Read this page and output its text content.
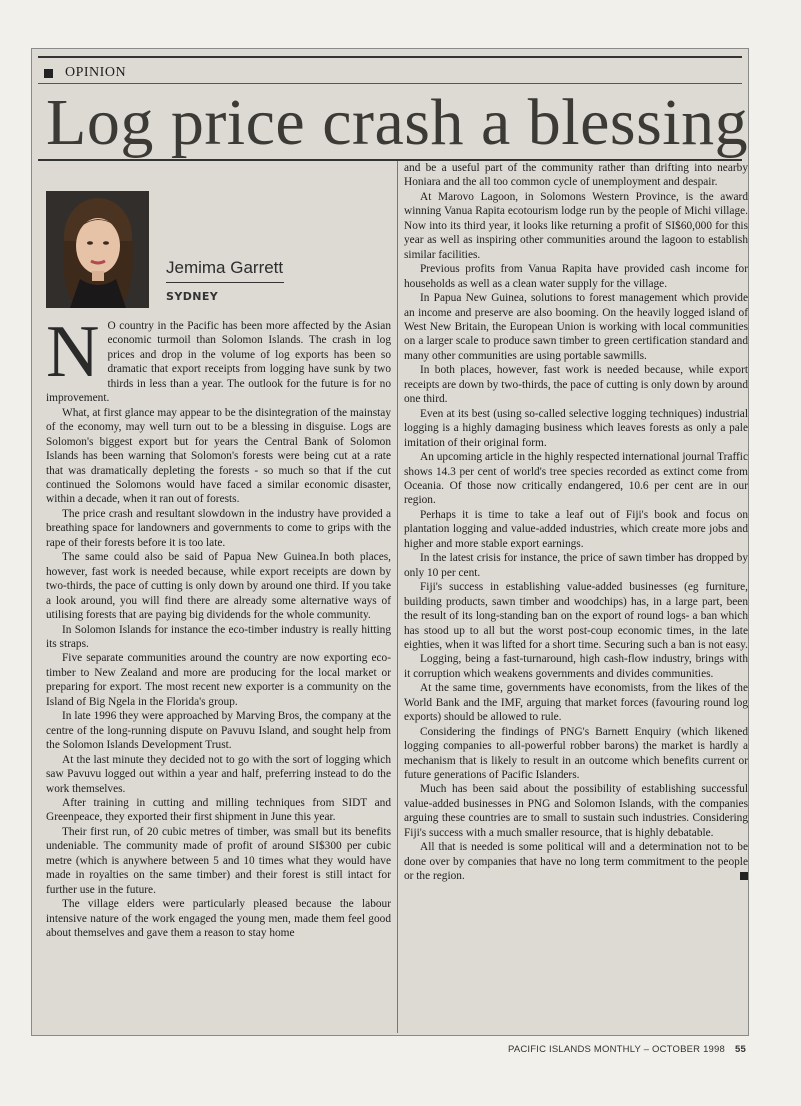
OPINION
Log price crash a blessing
Jemima Garrett
SYDNEY

N O country in the Pacific has been more affected by the Asian economic turmoil than Solomon Islands. The crash in log prices and drop in the volume of log exports has been so dramatic that export receipts from logging have sunk by two thirds in less than a year. The outlook for the future is for no improvement.

What, at first glance may appear to be the disintegration of the mainstay of the economy, may well turn out to be a blessing in disguise. Logs are Solomon's biggest export but for years the Central Bank of Solomon Islands has been warning that Solomon's forests were being cut at a rate that was dramatically depleting the forests - so much so that if the cut continued the Solomons would have faced a similar economic disaster, within a decade, when it ran out of forests.

The price crash and resultant slowdown in the industry have provided a breathing space for landowners and governments to come to grips with the rape of their forests before it is too late.

The same could also be said of Papua New Guinea.In both places, however, fast work is needed because, while export receipts are down by two-thirds, the pace of cutting is only down by around one third. If you take a look around, you will find there are already some alternative ways of utilising forests that are paying big dividends for the whole community.

In Solomon Islands for instance the eco-timber industry is really hitting its straps.

Five separate communities around the country are now exporting eco-timber to New Zealand and more are producing for the local market or preparing for export. The most recent new exporter is a community on the Island of Big Ngela in the Florida's group.

In late 1996 they were approached by Marving Bros, the company at the centre of the long-running dispute on Pavuvu Island, and sought help from the Solomon Islands Development Trust.

At the last minute they decided not to go with the sort of logging which saw Pavuvu logged out within a year and half, preferring instead to do the work themselves.

After training in cutting and milling techniques from SIDT and Greenpeace, they exported their first shipment in June this year.

Their first run, of 20 cubic metres of timber, was small but its benefits undeniable. The community made of profit of around SI$300 per cubic metre (which is anywhere between 5 and 10 times what they would have made in royalties on the same timber) and their forest is still intact for further use in the future.

The village elders were particularly pleased because the labour intensive nature of the work engaged the young men, made them feel good about themselves and gave them a reason to stay home

and be a useful part of the community rather than drifting into nearby Honiara and the all too common cycle of unemployment and despair.

At Marovo Lagoon, in Solomons Western Province, is the award winning Vanua Rapita ecotourism lodge run by the people of Michi village. Now into its third year, it looks like returning a profit of SI$60,000 for this year as well as inspiring other communities around the lagoon to establish similar facilities.

Previous profits from Vanua Rapita have provided cash income for households as well as a clean water supply for the village.

In Papua New Guinea, solutions to forest management which provide an income and preserve are also booming. On the heavily logged island of West New Britain, the European Union is working with local communities on a larger scale to produce sawn timber to green certification standard and many other communities are using portable sawmills.

In both places, however, fast work is needed because, while export receipts are down by two-thirds, the pace of cutting is only down by around one third.

Even at its best (using so-called selective logging techniques) industrial logging is a highly damaging business which leaves forests as only a pale imitation of their original form.

An upcoming article in the highly respected international journal Traffic shows 14.3 per cent of world's tree species recorded as extinct come from Oceania. Of those now critically endangered, 10.6 per cent are in our region.

Perhaps it is time to take a leaf out of Fiji's book and focus on plantation logging and value-added industries, which create more jobs and higher and more stable export earnings.

In the latest crisis for instance, the price of sawn timber has dropped by only 10 per cent.

Fiji's success in establishing value-added businesses (eg furniture, building products, sawn timber and woodchips) has, in a large part, been the result of its long-standing ban on the export of round logs- a ban which has stood up to all but the worst post-coup economic times, in the late eighties, when it was lifted for a short time. Securing such a ban is not easy.

Logging, being a fast-turnaround, high cash-flow industry, brings with it corruption which weakens governments and divides communities.

At the same time, governments have economists, from the likes of the World Bank and the IMF, arguing that market forces (favouring round log exports) should be allowed to rule.

Considering the findings of PNG's Barnett Enquiry (which likened logging companies to all-powerful robber barons) the market is hardly a mechanism that is likely to result in an outcome which benefits current or future generations of Pacific Islanders.

Much has been said about the possibility of establishing successful value-added businesses in PNG and Solomon Islands, with the companies arguing these countries are to small to sustain such industries. Considering Fiji's success with a much smaller resource, that is highly debatable.

All that is needed is some political will and a determination not to be done over by companies that have no long term commitment to the people or the region.

PACIFIC ISLANDS MONTHLY – OCTOBER 1998 55
